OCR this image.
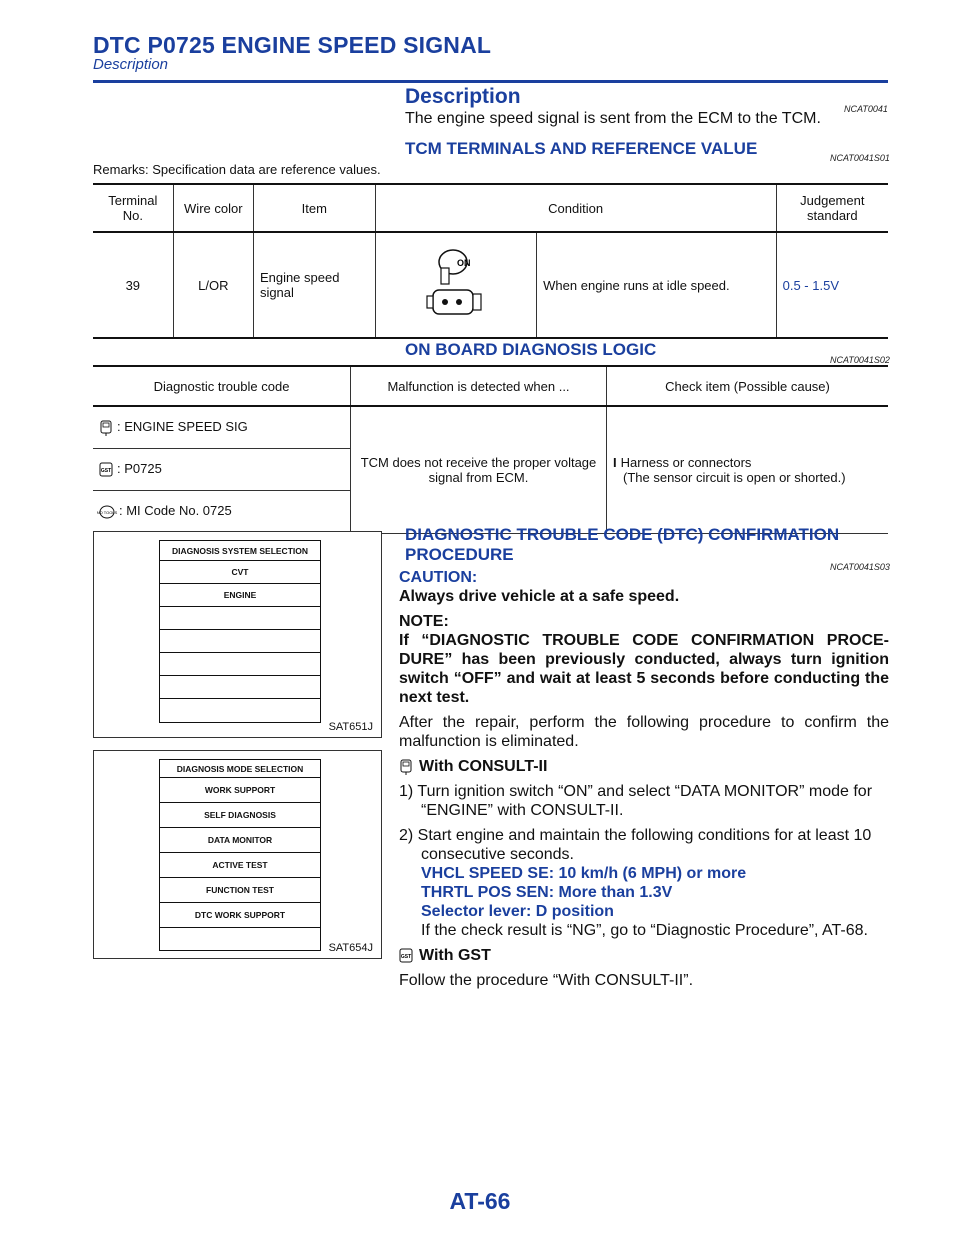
DTC P0725 ENGINE SPEED SIGNAL
Description
Description
NCAT0041
The engine speed signal is sent from the ECM to the TCM.
TCM TERMINALS AND REFERENCE VALUE	NCAT0041S01
Remarks: Specification data are reference values.
Terminal No.	Wire color	Item	Condition		Judgement standard
39	L/OR	Engine speed signal	ON	When engine runs at idle speed.	0.5 - 1.5V
ON BOARD DIAGNOSIS LOGIC
NCAT0041S02
Diagnostic trouble code	Malfunction is detected when ...	Check item (Possible cause)
: ENGINE SPEED SIG	TCM does not receive the proper voltage signal from ECM.	I Harness or connectors
(The sensor circuit is open or shorted.)

GST : P0725		

NO TOOLS : MI Code No. 0725		
DIAGNOSIS SYSTEM SELECTION
CVT
ENGINE
SAT651J
DIAGNOSIS MODE SELECTION
WORK SUPPORT
SELF DIAGNOSIS
DATA MONITOR
ACTIVE TEST
FUNCTION TEST
DTC WORK SUPPORT
SAT654J
DIAGNOSTIC TROUBLE CODE (DTC) CONFIRMATION PROCEDURE
NCAT0041S03
CAUTION:
Always drive vehicle at a safe speed.
NOTE:
If “DIAGNOSTIC TROUBLE CODE CONFIRMATION PROCE-DURE” has been previously conducted, always turn ignition switch “OFF” and wait at least 5 seconds before conducting the next test.
After the repair, perform the following procedure to confirm the malfunction is eliminated.
With CONSULT-II
1) Turn ignition switch “ON” and select “DATA MONITOR” mode for “ENGINE” with CONSULT-II.
2) Start engine and maintain the following conditions for at least 10 consecutive seconds.
VHCL SPEED SE: 10 km/h (6 MPH) or more
THRTL POS SEN: More than 1.3V
Selector lever: D position
If the check result is “NG”, go to “Diagnostic Procedure”, AT-68.
GST With GST
Follow the procedure “With CONSULT-II”.
AT-66
